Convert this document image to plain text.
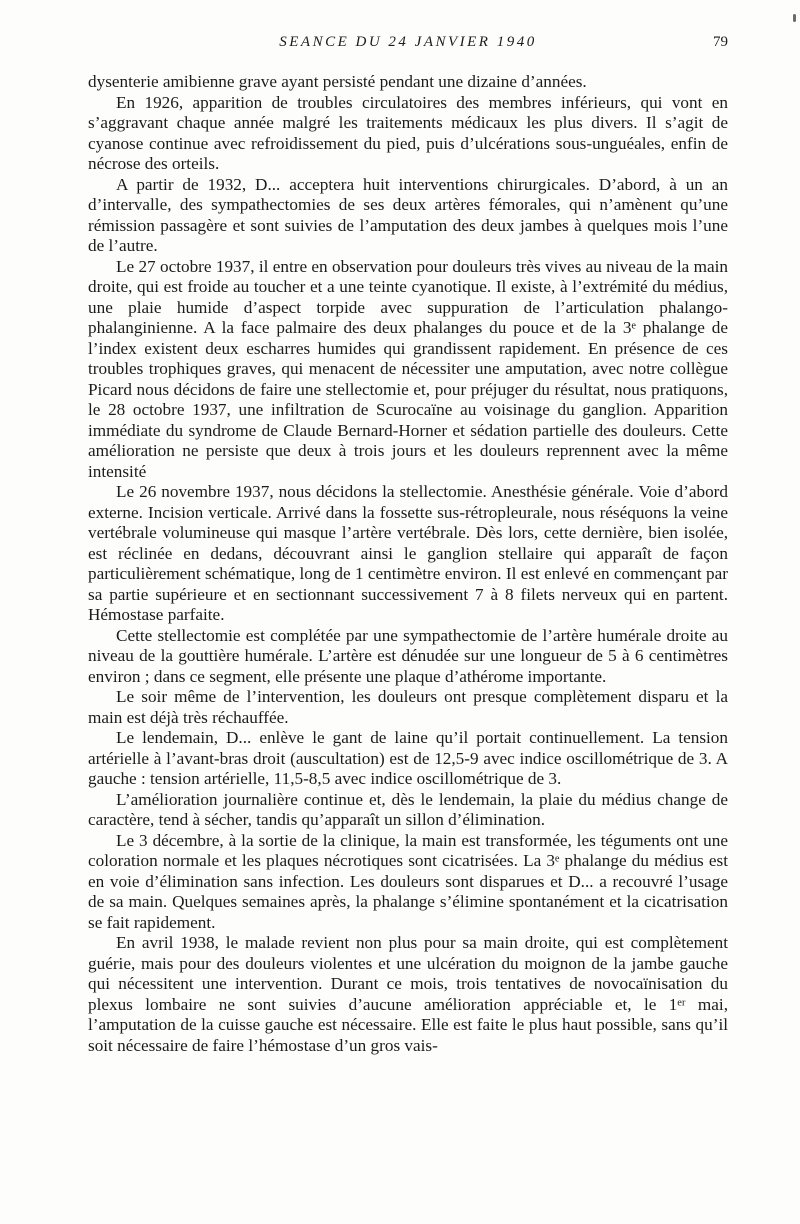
SEANCE DU 24 JANVIER 1940	79

dysenterie amibienne grave ayant persisté pendant une dizaine d’années.

En 1926, apparition de troubles circulatoires des membres inférieurs, qui vont en s’aggravant chaque année malgré les traitements médicaux les plus divers. Il s’agit de cyanose continue avec refroidissement du pied, puis d’ulcérations sous-unguéales, enfin de nécrose des orteils.

A partir de 1932, D... acceptera huit interventions chirurgicales. D’abord, à un an d’intervalle, des sympathectomies de ses deux artères fémorales, qui n’amènent qu’une rémission passagère et sont suivies de l’amputation des deux jambes à quelques mois l’une de l’autre.

Le 27 octobre 1937, il entre en observation pour douleurs très vives au niveau de la main droite, qui est froide au toucher et a une teinte cyanotique. Il existe, à l’extrémité du médius, une plaie humide d’aspect torpide avec suppuration de l’articulation phalango-phalanginienne. A la face palmaire des deux phalanges du pouce et de la 3ᵉ phalange de l’index existent deux escharres humides qui grandissent rapidement. En présence de ces troubles trophiques graves, qui menacent de nécessiter une amputation, avec notre collègue Picard nous décidons de faire une stellectomie et, pour préjuger du résultat, nous pratiquons, le 28 octobre 1937, une infiltration de Scurocaïne au voisinage du ganglion. Apparition immédiate du syndrome de Claude Bernard-Horner et sédation partielle des douleurs. Cette amélioration ne persiste que deux à trois jours et les douleurs reprennent avec la même intensité

Le 26 novembre 1937, nous décidons la stellectomie. Anesthésie générale. Voie d’abord externe. Incision verticale. Arrivé dans la fossette sus-rétropleurale, nous réséquons la veine vertébrale volumineuse qui masque l’artère vertébrale. Dès lors, cette dernière, bien isolée, est réclinée en dedans, découvrant ainsi le ganglion stellaire qui apparaît de façon particulièrement schématique, long de 1 centimètre environ. Il est enlevé en commençant par sa partie supérieure et en sectionnant successivement 7 à 8 filets nerveux qui en partent. Hémostase parfaite.

Cette stellectomie est complétée par une sympathectomie de l’artère humérale droite au niveau de la gouttière humérale. L’artère est dénudée sur une longueur de 5 à 6 centimètres environ ; dans ce segment, elle présente une plaque d’athérome importante.

Le soir même de l’intervention, les douleurs ont presque complètement disparu et la main est déjà très réchauffée.

Le lendemain, D... enlève le gant de laine qu’il portait continuellement. La tension artérielle à l’avant-bras droit (auscultation) est de 12,5-9 avec indice oscillométrique de 3. A gauche : tension artérielle, 11,5-8,5 avec indice oscillométrique de 3.

L’amélioration journalière continue et, dès le lendemain, la plaie du médius change de caractère, tend à sécher, tandis qu’apparaît un sillon d’élimination.

Le 3 décembre, à la sortie de la clinique, la main est transformée, les téguments ont une coloration normale et les plaques nécrotiques sont cicatrisées. La 3ᵉ phalange du médius est en voie d’élimination sans infection. Les douleurs sont disparues et D... a recouvré l’usage de sa main. Quelques semaines après, la phalange s’élimine spontanément et la cicatrisation se fait rapidement.

En avril 1938, le malade revient non plus pour sa main droite, qui est complètement guérie, mais pour des douleurs violentes et une ulcération du moignon de la jambe gauche qui nécessitent une intervention. Durant ce mois, trois tentatives de novocaïnisation du plexus lombaire ne sont suivies d’aucune amélioration appréciable et, le 1ᵉʳ mai, l’amputation de la cuisse gauche est nécessaire. Elle est faite le plus haut possible, sans qu’il soit nécessaire de faire l’hémostase d’un gros vais-
